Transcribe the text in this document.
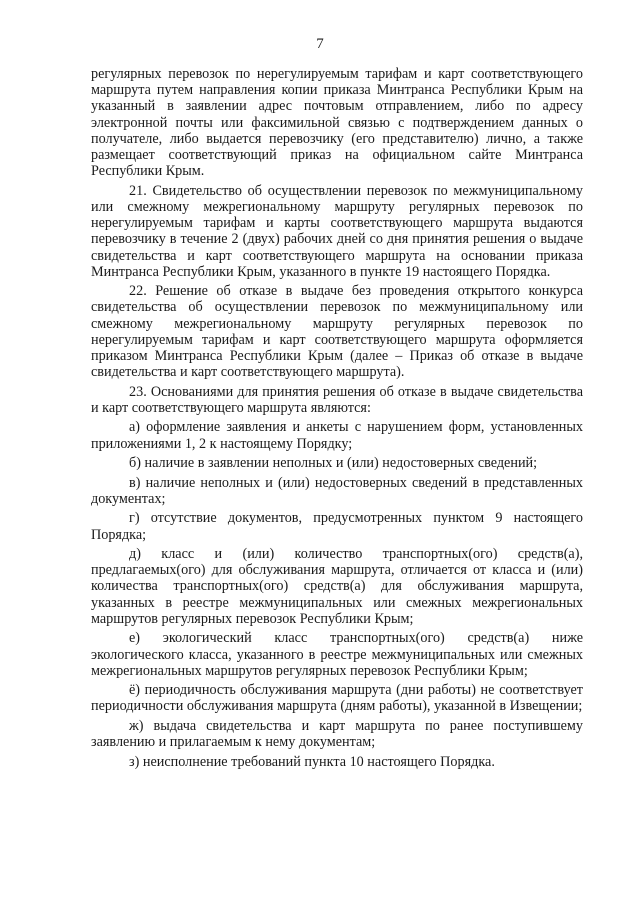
7

регулярных перевозок по нерегулируемым тарифам и карт соответствующего маршрута путем направления копии приказа Минтранса Республики Крым на указанный в заявлении адрес почтовым отправлением, либо по адресу электронной почты или факсимильной связью с подтверждением данных о получателе, либо выдается перевозчику (его представителю) лично, а также размещает соответствующий приказ на официальном сайте Минтранса Республики Крым.

21. Свидетельство об осуществлении перевозок по межмуниципальному или смежному межрегиональному маршруту регулярных перевозок по нерегулируемым тарифам и карты соответствующего маршрута выдаются перевозчику в течение 2 (двух) рабочих дней со дня принятия решения о выдаче свидетельства и карт соответствующего маршрута на основании приказа Минтранса Республики Крым, указанного в пункте 19 настоящего Порядка.

22. Решение об отказе в выдаче без проведения открытого конкурса свидетельства об осуществлении перевозок по межмуниципальному или смежному межрегиональному маршруту регулярных перевозок по нерегулируемым тарифам и карт соответствующего маршрута оформляется приказом Минтранса Республики Крым (далее – Приказ об отказе в выдаче свидетельства и карт соответствующего маршрута).

23. Основаниями для принятия решения об отказе в выдаче свидетельства и карт соответствующего маршрута являются:

а) оформление заявления и анкеты с нарушением форм, установленных приложениями 1, 2 к настоящему Порядку;

б) наличие в заявлении неполных и (или) недостоверных сведений;

в) наличие неполных и (или) недостоверных сведений в представленных документах;

г) отсутствие документов, предусмотренных пунктом 9 настоящего Порядка;

д) класс и (или) количество транспортных(ого) средств(а), предлагаемых(ого) для обслуживания маршрута, отличается от класса и (или) количества транспортных(ого) средств(а) для обслуживания маршрута, указанных в реестре межмуниципальных или смежных межрегиональных маршрутов регулярных перевозок Республики Крым;

е) экологический класс транспортных(ого) средств(а) ниже экологического класса, указанного в реестре межмуниципальных или смежных межрегиональных маршрутов регулярных перевозок Республики Крым;

ё) периодичность обслуживания маршрута (дни работы) не соответствует периодичности обслуживания маршрута (дням работы), указанной в Извещении;

ж) выдача свидетельства и карт маршрута по ранее поступившему заявлению и прилагаемым к нему документам;

з) неисполнение требований пункта 10 настоящего Порядка.
